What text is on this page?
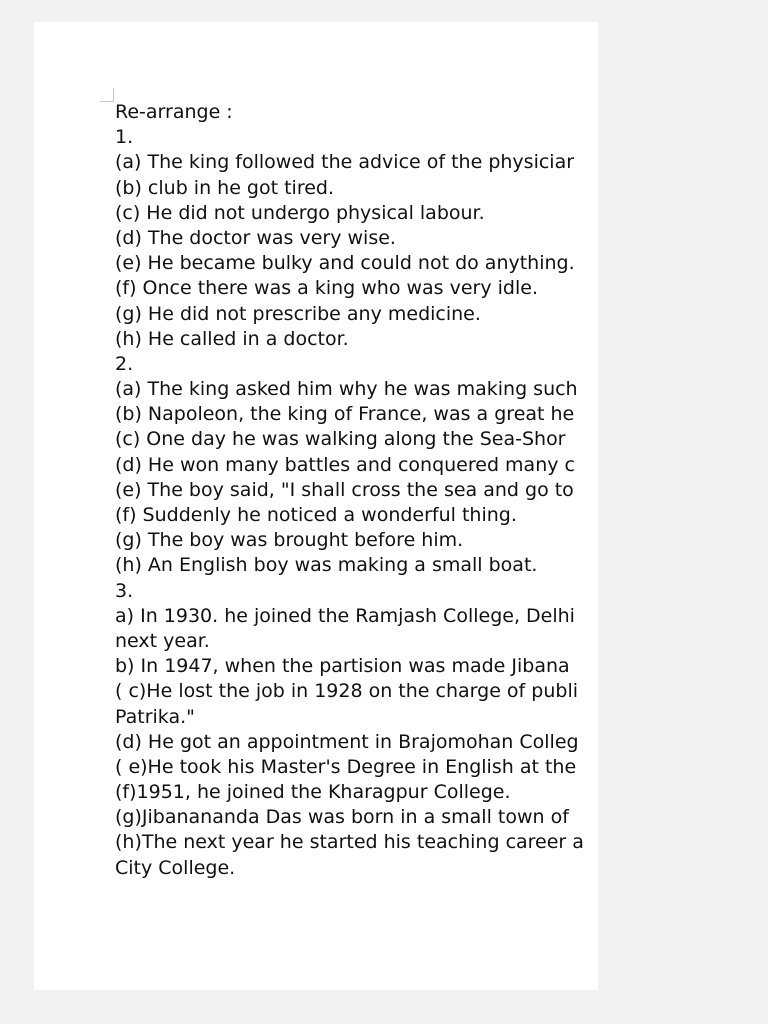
Re-arrange :
1.
(a) The king followed the advice of the physiciar
(b) club in he got tired.
(c) He did not undergo physical labour.
(d) The doctor was very wise.
(e) He became bulky and could not do anything.
(f) Once there was a king who was very idle.
(g) He did not prescribe any medicine.
(h) He called in a doctor.
2.
(a) The king asked him why he was making such
(b) Napoleon, the king of France, was a great he
(c) One day he was walking along the Sea-Shor
(d) He won many battles and conquered many c
(e) The boy said, "I shall cross the sea and go to
(f) Suddenly he noticed a wonderful thing.
(g) The boy was brought before him.
(h) An English boy was making a small boat.
3.
a) In 1930. he joined the Ramjash College, Delhi
next year.
b) In 1947, when the partision was made Jibana
( c)He lost the job in 1928 on the charge of publi
Patrika."
(d) He got an appointment in Brajomohan Colleg
( e)He took his Master's Degree in English at the
(f)1951, he joined the Kharagpur College.
(g)Jibanananda Das was born in a small town of
(h)The next year he started his teaching career a
City College.
